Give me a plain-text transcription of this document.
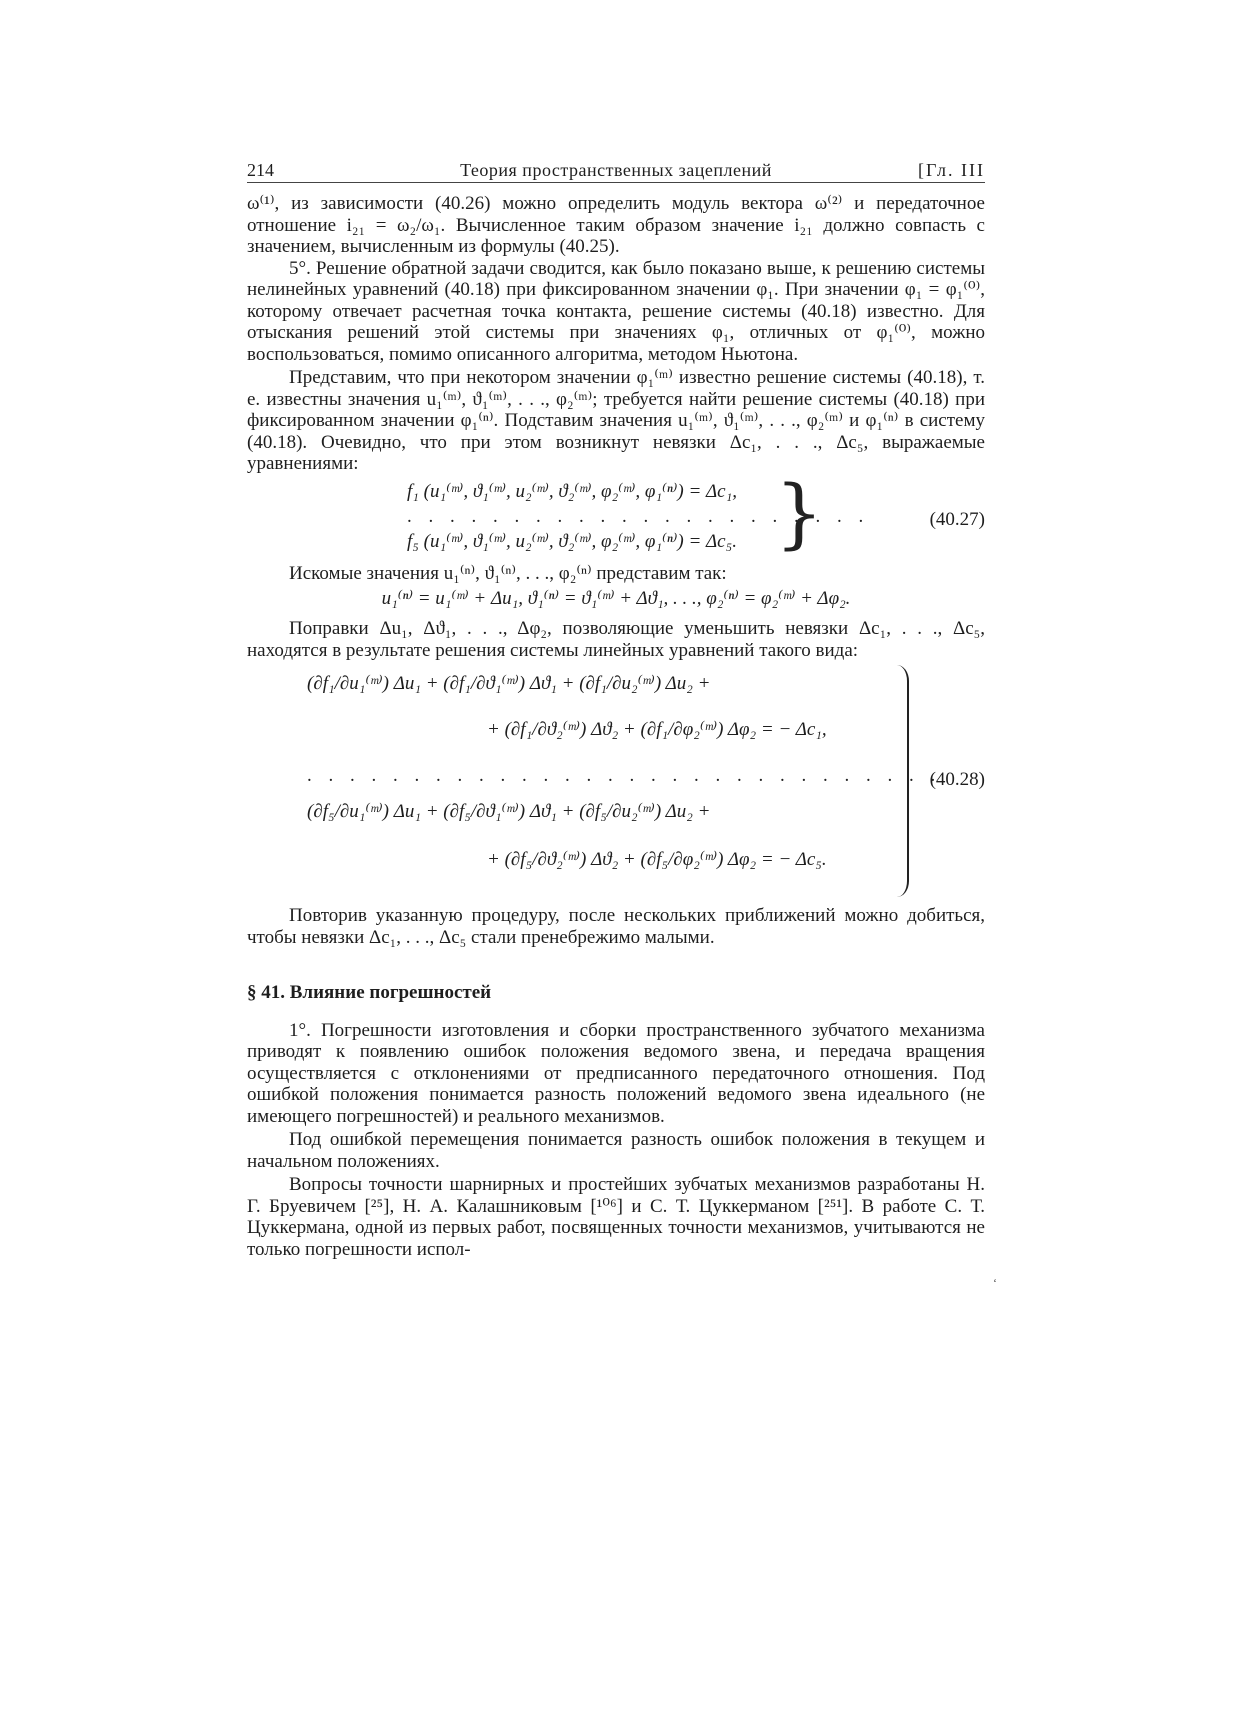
214	Теория пространственных зацеплений	[Гл. III

ω⁽¹⁾, из зависимости (40.26) можно определить модуль вектора ω⁽²⁾ и передаточное отношение i₂₁ = ω₂/ω₁. Вычисленное таким образом значение i₂₁ должно совпасть с значением, вычисленным из формулы (40.25).

5°. Решение обратной задачи сводится, как было показано выше, к решению системы нелинейных уравнений (40.18) при фиксированном значении φ₁. При значении φ₁ = φ₁⁽⁰⁾, которому отвечает расчетная точка контакта, решение системы (40.18) известно. Для отыскания решений этой системы при значениях φ₁, отличных от φ₁⁽⁰⁾, можно воспользоваться, помимо описанного алгоритма, методом Ньютона.

Представим, что при некотором значении φ₁⁽ᵐ⁾ известно решение системы (40.18), т. е. известны значения u₁⁽ᵐ⁾, ϑ₁⁽ᵐ⁾, . . ., φ₂⁽ᵐ⁾; требуется найти решение системы (40.18) при фиксированном значении φ₁⁽ⁿ⁾. Подставим значения u₁⁽ᵐ⁾, ϑ₁⁽ᵐ⁾, . . ., φ₂⁽ᵐ⁾ и φ₁⁽ⁿ⁾ в систему (40.18). Очевидно, что при этом возникнут невязки Δc₁, . . ., Δc₅, выражаемые уравнениями:

f₁ (u₁⁽ᵐ⁾, ϑ₁⁽ᵐ⁾, u₂⁽ᵐ⁾, ϑ₂⁽ᵐ⁾, φ₂⁽ᵐ⁾, φ₁⁽ⁿ⁾) = Δc₁,
. . . . . . . . . . . . . . . . . . . . . .
f₅ (u₁⁽ᵐ⁾, ϑ₁⁽ᵐ⁾, u₂⁽ᵐ⁾, ϑ₂⁽ᵐ⁾, φ₂⁽ᵐ⁾, φ₁⁽ⁿ⁾) = Δc₅. }	(40.27)

Искомые значения u₁⁽ⁿ⁾, ϑ₁⁽ⁿ⁾, . . ., φ₂⁽ⁿ⁾ представим так:

u₁⁽ⁿ⁾ = u₁⁽ᵐ⁾ + Δu₁, ϑ₁⁽ⁿ⁾ = ϑ₁⁽ᵐ⁾ + Δϑ₁, . . ., φ₂⁽ⁿ⁾ = φ₂⁽ᵐ⁾ + Δφ₂.

Поправки Δu₁, Δϑ₁, . . ., Δφ₂, позволяющие уменьшить невязки Δc₁, . . ., Δc₅, находятся в результате решения системы линейных уравнений такого вида:

(∂f₁/∂u₁⁽ᵐ⁾) Δu₁ + (∂f₁/∂ϑ₁⁽ᵐ⁾) Δϑ₁ + (∂f₁/∂u₂⁽ᵐ⁾) Δu₂ +
+ (∂f₁/∂ϑ₂⁽ᵐ⁾) Δϑ₂ + (∂f₁/∂φ₂⁽ᵐ⁾) Δφ₂ = − Δc₁,
. . . . . . . . . . . . . . . . . . . . . . . . . . . . . .
(∂f₅/∂u₁⁽ᵐ⁾) Δu₁ + (∂f₅/∂ϑ₁⁽ᵐ⁾) Δϑ₁ + (∂f₅/∂u₂⁽ᵐ⁾) Δu₂ +
+ (∂f₅/∂ϑ₂⁽ᵐ⁾) Δϑ₂ + (∂f₅/∂φ₂⁽ᵐ⁾) Δφ₂ = − Δc₅.
(40.28)

Повторив указанную процедуру, после нескольких приближений можно добиться, чтобы невязки Δc₁, . . ., Δc₅ стали пренебрежимо малыми.

§ 41. Влияние погрешностей

1°. Погрешности изготовления и сборки пространственного зубчатого механизма приводят к появлению ошибок положения ведомого звена, и передача вращения осуществляется с отклонениями от предписанного передаточного отношения. Под ошибкой положения понимается разность положений ведомого звена идеального (не имеющего погрешностей) и реального механизмов.

Под ошибкой перемещения понимается разность ошибок положения в текущем и начальном положениях.

Вопросы точности шарнирных и простейших зубчатых механизмов разработаны Н. Г. Бруевичем [²⁵], Н. А. Калашниковым [¹⁰⁶] и С. Т. Цуккерманом [²⁵¹]. В работе С. Т. Цуккермана, одной из первых работ, посвященных точности механизмов, учитываются не только погрешности испол-

ʻ
